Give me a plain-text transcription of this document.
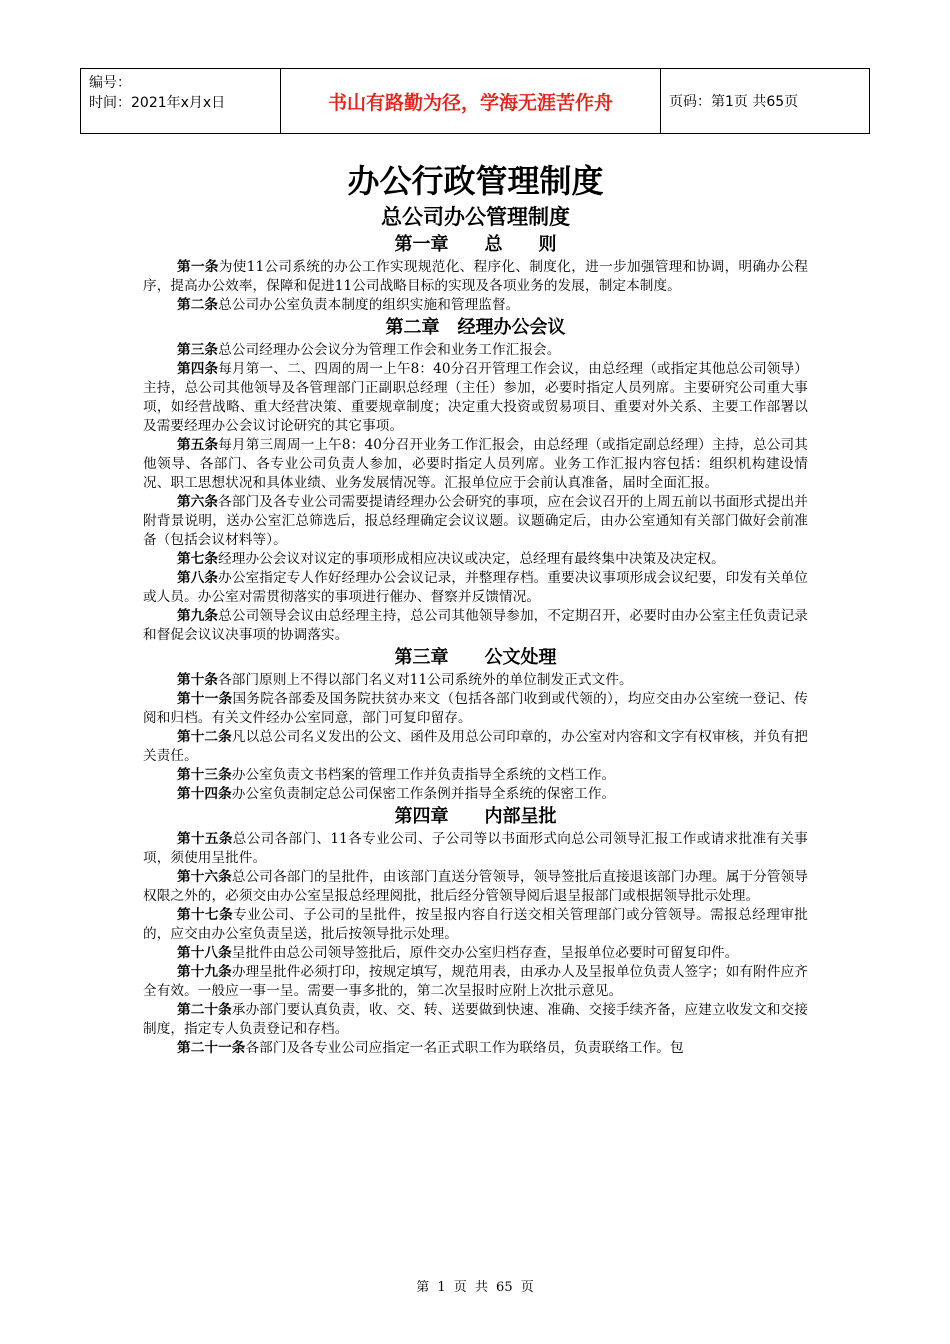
编号：
时间：2021年x月x日	书山有路勤为径，学海无涯苦作舟	页码：第1页 共65页
办公行政管理制度
总公司办公管理制度
第一章　　总　　则

第一条为使11公司系统的办公工作实现规范化、程序化、制度化，进一步加强管理和协调，明确办公程序，提高办公效率，保障和促进11公司战略目标的实现及各项业务的发展，制定本制度。

第二条总公司办公室负责本制度的组织实施和管理监督。

第二章　经理办公会议

第三条总公司经理办公会议分为管理工作会和业务工作汇报会。

第四条每月第一、二、四周的周一上午8：40分召开管理工作会议，由总经理（或指定其他总公司领导）主持，总公司其他领导及各管理部门正副职总经理（主任）参加，必要时指定人员列席。主要研究公司重大事项，如经营战略、重大经营决策、重要规章制度；决定重大投资或贸易项目、重要对外关系、主要工作部署以及需要经理办公会议讨论研究的其它事项。

第五条每月第三周周一上午8：40分召开业务工作汇报会，由总经理（或指定副总经理）主持，总公司其他领导、各部门、各专业公司负责人参加，必要时指定人员列席。业务工作汇报内容包括：组织机构建设情况、职工思想状况和具体业绩、业务发展情况等。汇报单位应于会前认真准备，届时全面汇报。

第六条各部门及各专业公司需要提请经理办公会研究的事项，应在会议召开的上周五前以书面形式提出并附背景说明，送办公室汇总筛选后，报总经理确定会议议题。议题确定后，由办公室通知有关部门做好会前准备（包括会议材料等）。

第七条经理办公会议对议定的事项形成相应决议或决定，总经理有最终集中决策及决定权。

第八条办公室指定专人作好经理办公会议记录，并整理存档。重要决议事项形成会议纪要，印发有关单位或人员。办公室对需贯彻落实的事项进行催办、督察并反馈情况。

第九条总公司领导会议由总经理主持，总公司其他领导参加，不定期召开，必要时由办公室主任负责记录和督促会议议决事项的协调落实。

第三章　　公文处理

第十条各部门原则上不得以部门名义对11公司系统外的单位制发正式文件。

第十一条国务院各部委及国务院扶贫办来文（包括各部门收到或代领的），均应交由办公室统一登记、传阅和归档。有关文件经办公室同意，部门可复印留存。

第十二条凡以总公司名义发出的公文、函件及用总公司印章的，办公室对内容和文字有权审核，并负有把关责任。

第十三条办公室负责文书档案的管理工作并负责指导全系统的文档工作。

第十四条办公室负责制定总公司保密工作条例并指导全系统的保密工作。

第四章　　内部呈批

第十五条总公司各部门、11各专业公司、子公司等以书面形式向总公司领导汇报工作或请求批准有关事项，须使用呈批件。

第十六条总公司各部门的呈批件，由该部门直送分管领导，领导签批后直接退该部门办理。属于分管领导权限之外的，必须交由办公室呈报总经理阅批，批后经分管领导阅后退呈报部门或根据领导批示处理。

第十七条专业公司、子公司的呈批件，按呈报内容自行送交相关管理部门或分管领导。需报总经理审批的，应交由办公室负责呈送，批后按领导批示处理。

第十八条呈批件由总公司领导签批后，原件交办公室归档存查，呈报单位必要时可留复印件。

第十九条办理呈批件必须打印，按规定填写，规范用表，由承办人及呈报单位负责人签字；如有附件应齐全有效。一般应一事一呈。需要一事多批的，第二次呈报时应附上次批示意见。

第二十条承办部门要认真负责，收、交、转、送要做到快速、准确、交接手续齐备，应建立收发文和交接制度，指定专人负责登记和存档。

第二十一条各部门及各专业公司应指定一名正式职工作为联络员，负责联络工作。包

第 1 页 共 65 页
